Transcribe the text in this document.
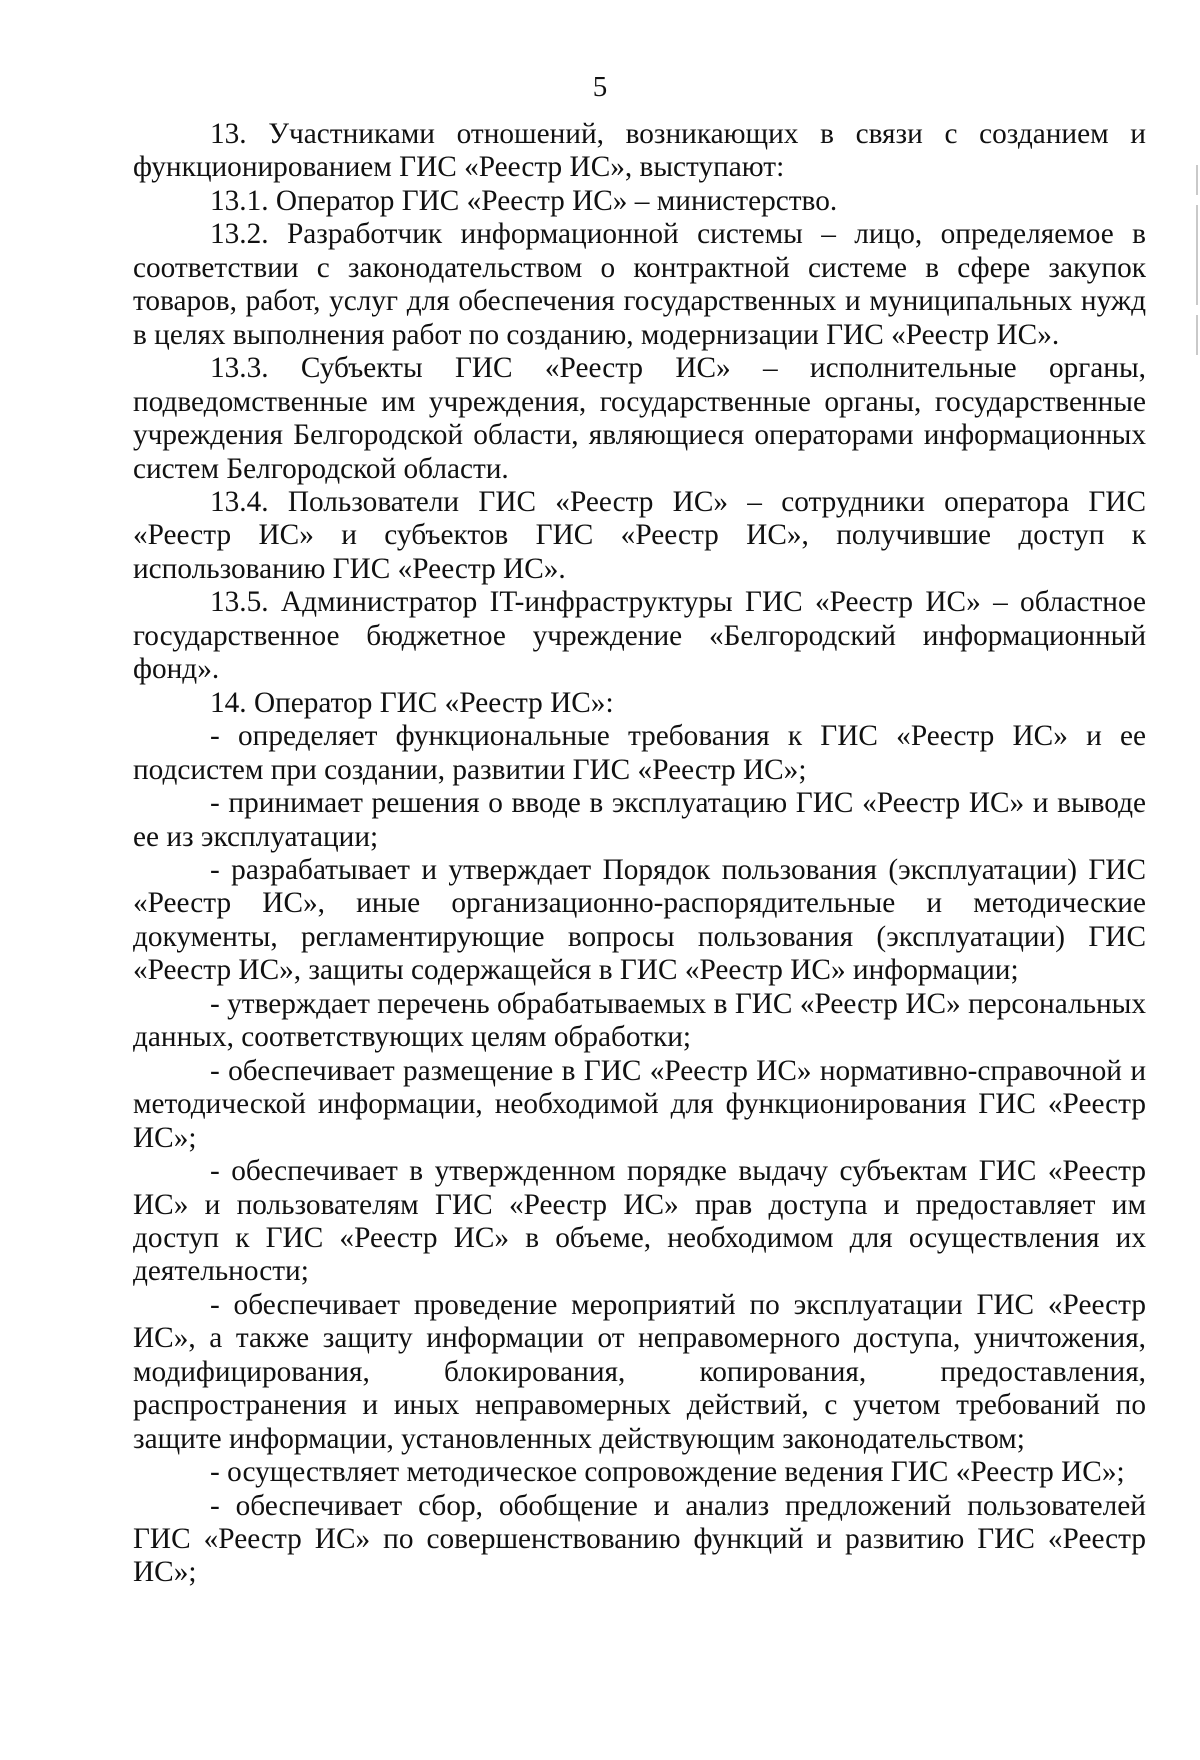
5

13. Участниками отношений, возникающих в связи с созданием и функционированием ГИС «Реестр ИС», выступают:

13.1. Оператор ГИС «Реестр ИС» – министерство.

13.2. Разработчик информационной системы – лицо, определяемое в соответствии с законодательством о контрактной системе в сфере закупок товаров, работ, услуг для обеспечения государственных и муниципальных нужд в целях выполнения работ по созданию, модернизации ГИС «Реестр ИС».

13.3. Субъекты ГИС «Реестр ИС» – исполнительные органы, подведомственные им учреждения, государственные органы, государственные учреждения Белгородской области, являющиеся операторами информационных систем Белгородской области.

13.4. Пользователи ГИС «Реестр ИС» – сотрудники оператора ГИС «Реестр ИС» и субъектов ГИС «Реестр ИС», получившие доступ к использованию ГИС «Реестр ИС».

13.5. Администратор IT-инфраструктуры ГИС «Реестр ИС» – областное государственное бюджетное учреждение «Белгородский информационный фонд».

14. Оператор ГИС «Реестр ИС»:

- определяет функциональные требования к ГИС «Реестр ИС» и ее подсистем при создании, развитии ГИС «Реестр ИС»;

- принимает решения о вводе в эксплуатацию ГИС «Реестр ИС» и выводе ее из эксплуатации;

- разрабатывает и утверждает Порядок пользования (эксплуатации) ГИС «Реестр ИС», иные организационно-распорядительные и методические документы, регламентирующие вопросы пользования (эксплуатации) ГИС «Реестр ИС», защиты содержащейся в ГИС «Реестр ИС» информации;

- утверждает перечень обрабатываемых в ГИС «Реестр ИС» персональных данных, соответствующих целям обработки;

- обеспечивает размещение в ГИС «Реестр ИС» нормативно-справочной и методической информации, необходимой для функционирования ГИС «Реестр ИС»;

- обеспечивает в утвержденном порядке выдачу субъектам ГИС «Реестр ИС» и пользователям ГИС «Реестр ИС» прав доступа и предоставляет им доступ к ГИС «Реестр ИС» в объеме, необходимом для осуществления их деятельности;

- обеспечивает проведение мероприятий по эксплуатации ГИС «Реестр ИС», а также защиту информации от неправомерного доступа, уничтожения, модифицирования, блокирования, копирования, предоставления, распространения и иных неправомерных действий, с учетом требований по защите информации, установленных действующим законодательством;

- осуществляет методическое сопровождение ведения ГИС «Реестр ИС»;

- обеспечивает сбор, обобщение и анализ предложений пользователей ГИС «Реестр ИС» по совершенствованию функций и развитию ГИС «Реестр ИС»;
